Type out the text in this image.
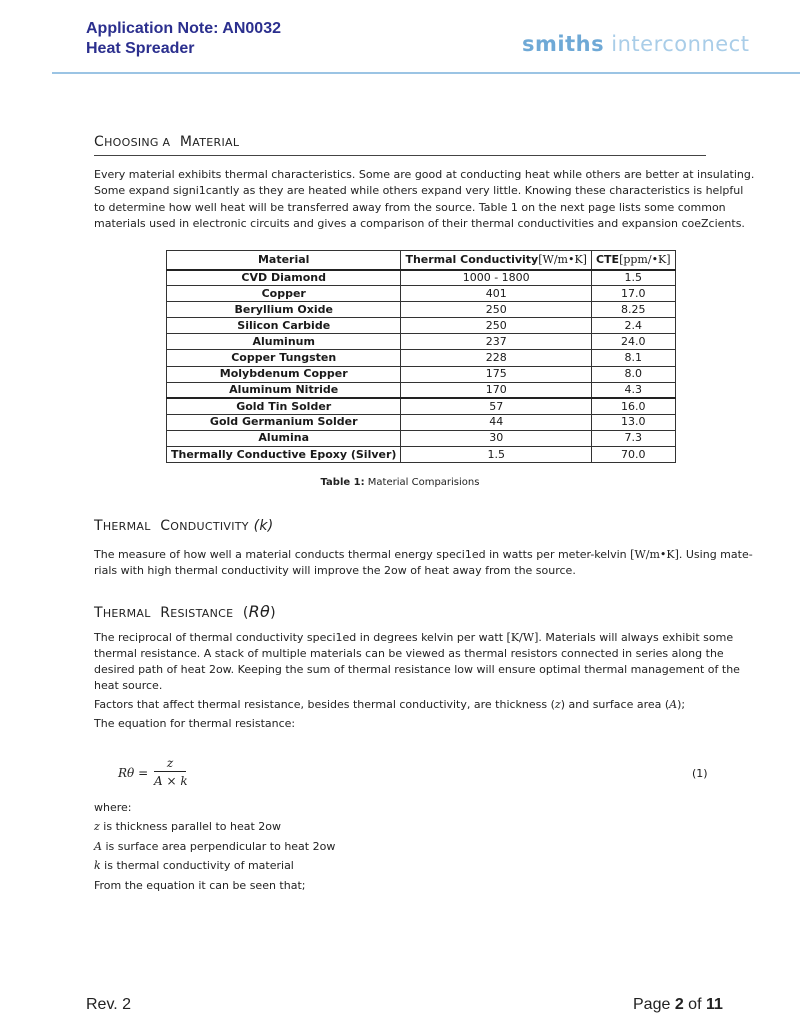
Application Note: AN0032
Heat Spreader	smiths interconnect
CHOOSING A MATERIAL
Every material exhibits thermal characteristics. Some are good at conducting heat while others are better at insulating.
Some expand signi1cantly as they are heated while others expand very little. Knowing these characteristics is helpful
to determine how well heat will be transferred away from the source. Table 1 on the next page lists some common
materials used in electronic circuits and gives a comparison of their thermal conductivities and expansion coeZcients.
Material	Thermal Conductivity[W/m•K]	CTE[ppm/•K]
CVD Diamond	1000 - 1800	1.5
Copper	401	17.0
Beryllium Oxide	250	8.25
Silicon Carbide	250	2.4
Aluminum	237	24.0
Copper Tungsten	228	8.1
Molybdenum Copper	175	8.0
Aluminum Nitride	170	4.3
Gold Tin Solder	57	16.0
Gold Germanium Solder	44	13.0
Alumina	30	7.3
Thermally Conductive Epoxy (Silver)	1.5	70.0
Table 1: Material Comparisions
THERMAL CONDUCTIVITY (k)
The measure of how well a material conducts thermal energy speci1ed in watts per meter-kelvin [W/m•K]. Using mate-
rials with high thermal conductivity will improve the 2ow of heat away from the source.
THERMAL RESISTANCE (Rθ)
The reciprocal of thermal conductivity speci1ed in degrees kelvin per watt [K/W]. Materials will always exhibit some
thermal resistance. A stack of multiple materials can be viewed as thermal resistors connected in series along the
desired path of heat 2ow. Keeping the sum of thermal resistance low will ensure optimal thermal management of the
heat source.
Factors that affect thermal resistance, besides thermal conductivity, are thickness (z) and surface area (A);
The equation for thermal resistance:
Rθ =
z
A × k
(1)
where:
z is thickness parallel to heat 2ow
A is surface area perpendicular to heat 2ow
k is thermal conductivity of material
From the equation it can be seen that;
Rev. 2	Page 2 of 11
